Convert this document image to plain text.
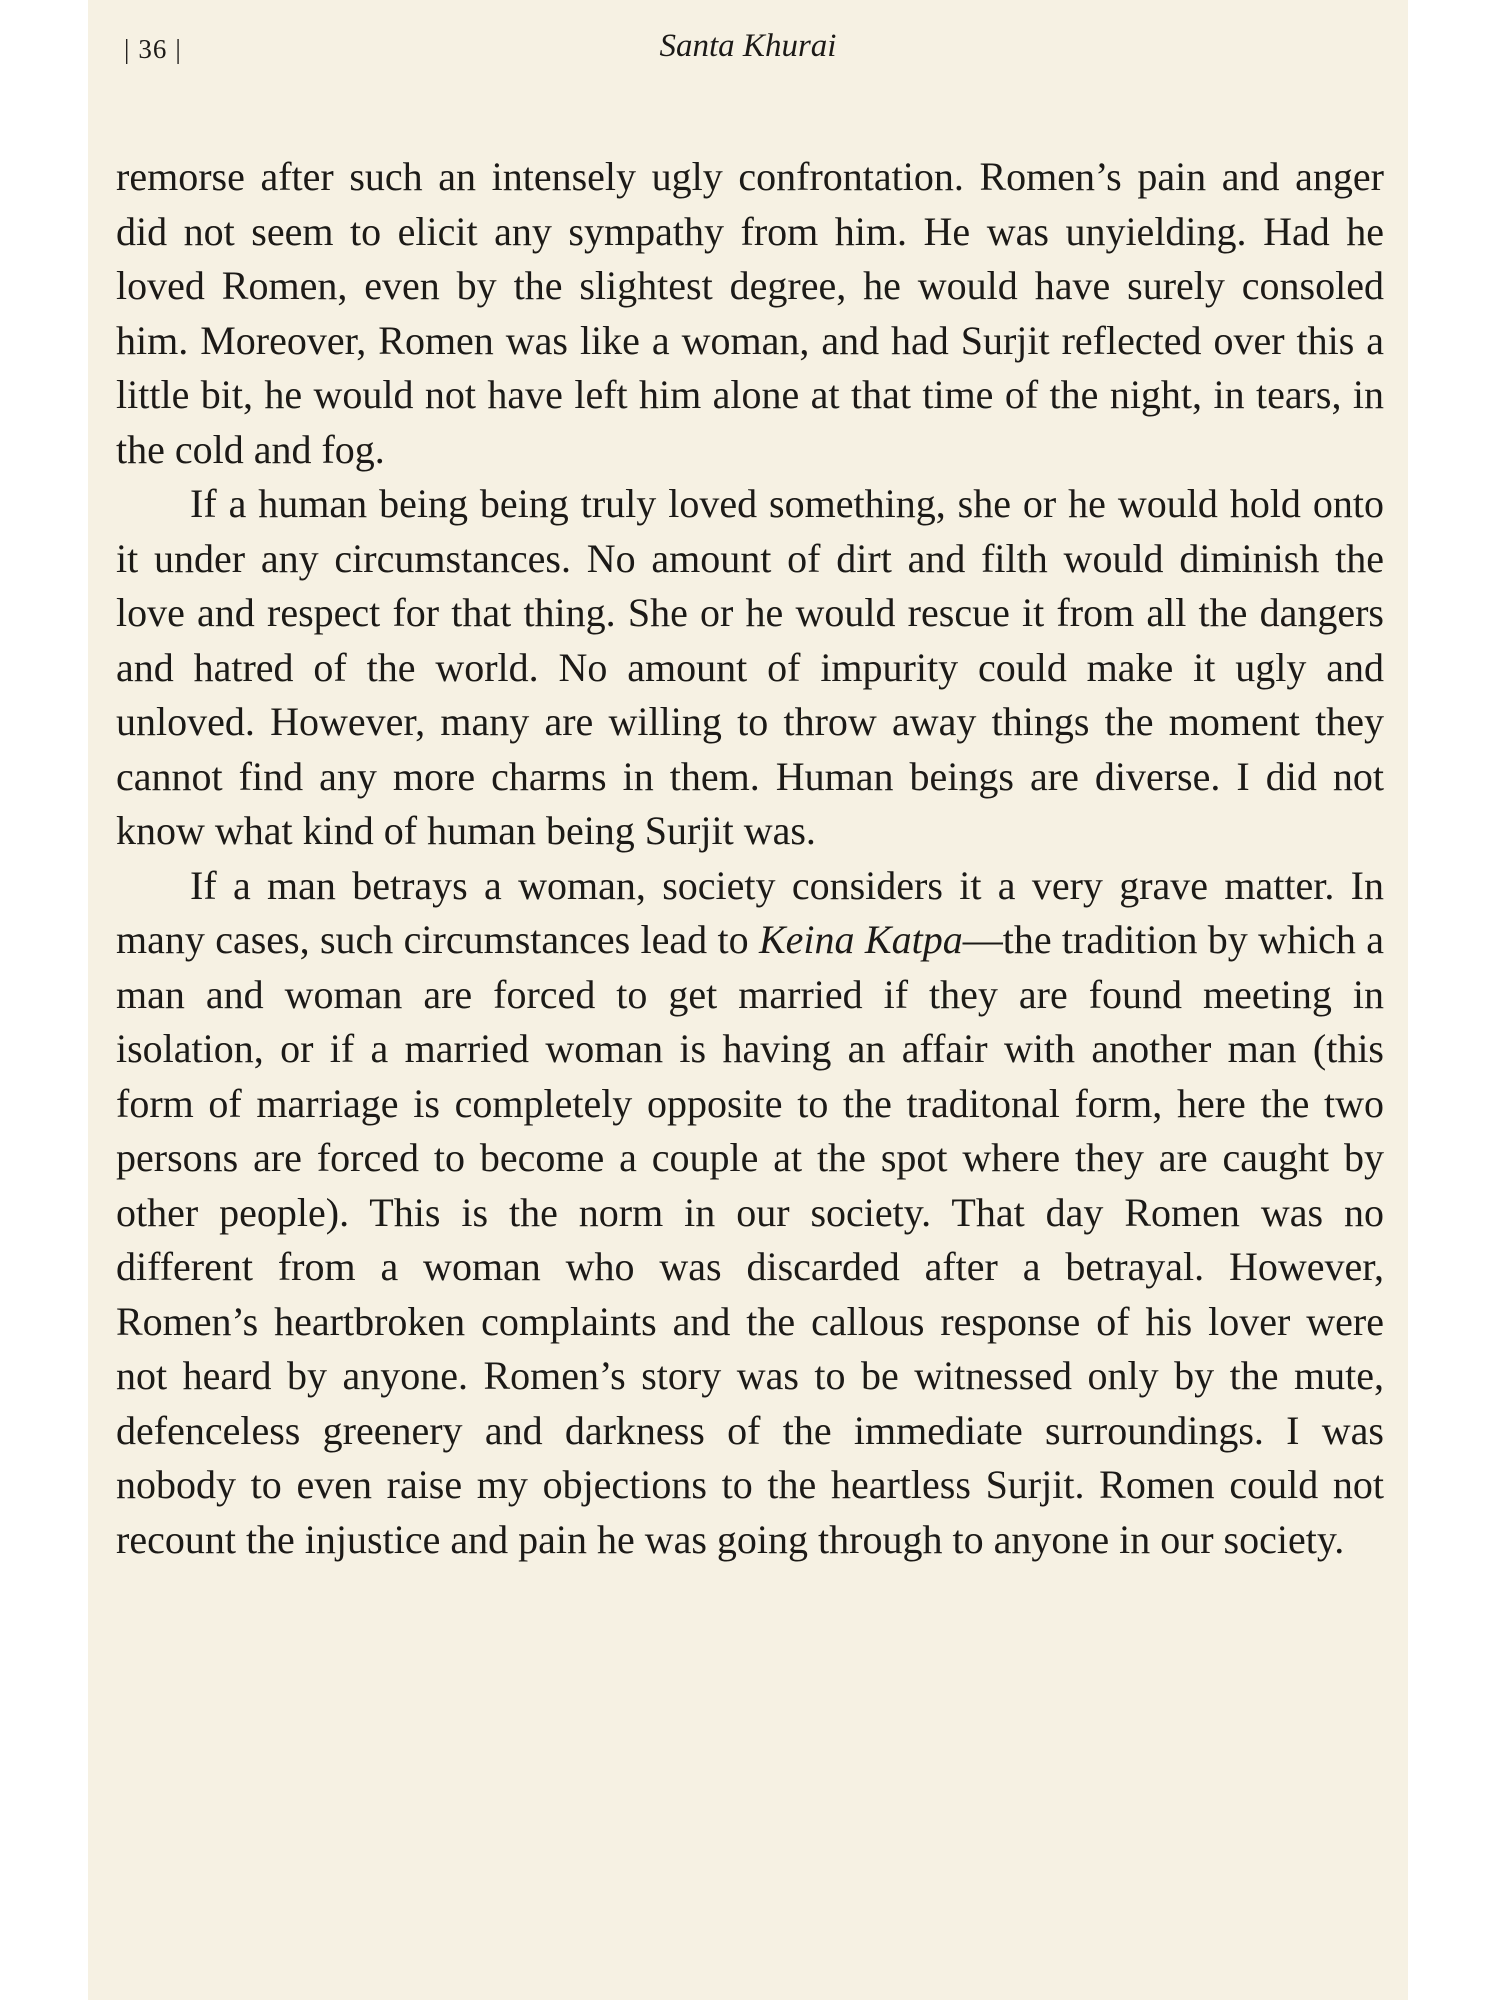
| 36 |	Santa Khurai

remorse after such an intensely ugly confrontation. Romen’s pain and anger did not seem to elicit any sympathy from him. He was unyielding. Had he loved Romen, even by the slightest degree, he would have surely consoled him. Moreover, Romen was like a woman, and had Surjit reflected over this a little bit, he would not have left him alone at that time of the night, in tears, in the cold and fog.

If a human being being truly loved something, she or he would hold onto it under any circumstances. No amount of dirt and filth would diminish the love and respect for that thing. She or he would rescue it from all the dangers and hatred of the world. No amount of impurity could make it ugly and unloved. However, many are willing to throw away things the moment they cannot find any more charms in them. Human beings are diverse. I did not know what kind of human being Surjit was.

If a man betrays a woman, society considers it a very grave matter. In many cases, such circumstances lead to Keina Katpa—the tradition by which a man and woman are forced to get married if they are found meeting in isolation, or if a married woman is having an affair with another man (this form of marriage is completely opposite to the traditonal form, here the two persons are forced to become a couple at the spot where they are caught by other people). This is the norm in our society. That day Romen was no different from a woman who was discarded after a betrayal. However, Romen’s heartbroken complaints and the callous response of his lover were not heard by anyone. Romen’s story was to be witnessed only by the mute, defenceless greenery and darkness of the immediate surroundings. I was nobody to even raise my objections to the heartless Surjit. Romen could not recount the injustice and pain he was going through to anyone in our society.
